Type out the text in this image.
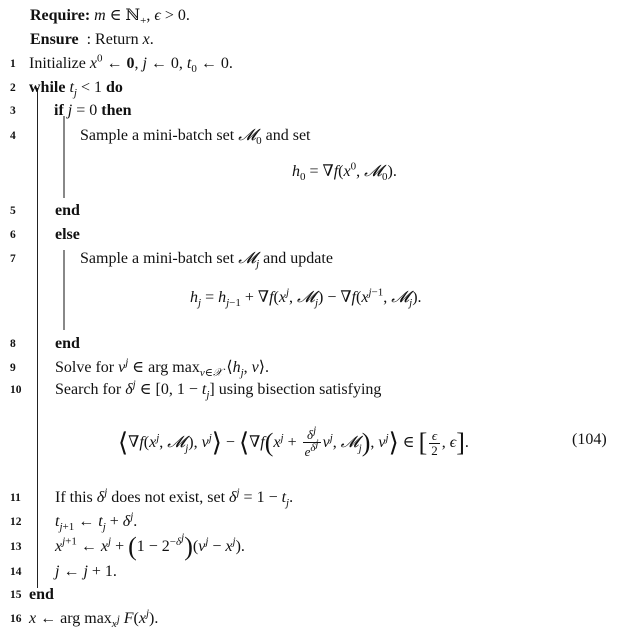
Require: m ∈ ℕ$_+$, ϵ > 0.
Ensure  : Return x.
1
2
3
4
5
6
7
8
9
10
11
12
13
14
15
16
Initialize $x^0$ ← 0, j ← 0, $t_0$ ← 0.
while $t_j < 1$ do
if j = 0 then
Sample a mini-batch set 𝓜$_0$ and set
$h_0 = \nabla f(x^0$, 𝓜$_0$).
end
else
Sample a mini-batch set 𝓜$_j$ and update
$h_j = h_{j-1} + \nabla f(x^j$, 𝓜$_j$) − $\nabla f(x^{j-1}$, 𝓜$_j$).
end
Solve for $v^j$ ∈ arg $\max_{v\in 𝒳}$ $⟨h_j$, v⟩.
Search for $\delta^j$ ∈ [0, $1 - t_j$] using bisection satisfying
$⟨\nabla f(x^j$, 𝓜$_j$), $v^j⟩$ − $⟨\nabla f(x^j + \frac{\delta^j}{e^{\delta^j}} v^j$, 𝓜$_j$), $v^j⟩$ ∈ [ $\frac{\epsilon}{2}$ , ϵ].	(104)
If this $\delta^j$ does not exist, set $\delta^j = 1 - t_j$.
$t_{j+1}$ ← $t_j + \delta^j$.
$x^{j+1}$ ← $x^j + (1 - 2^{-\delta^j})(v^j - x^j)$.
j ← j + 1.
end
x ← arg $\max_{x^j} F(x^j)$.
